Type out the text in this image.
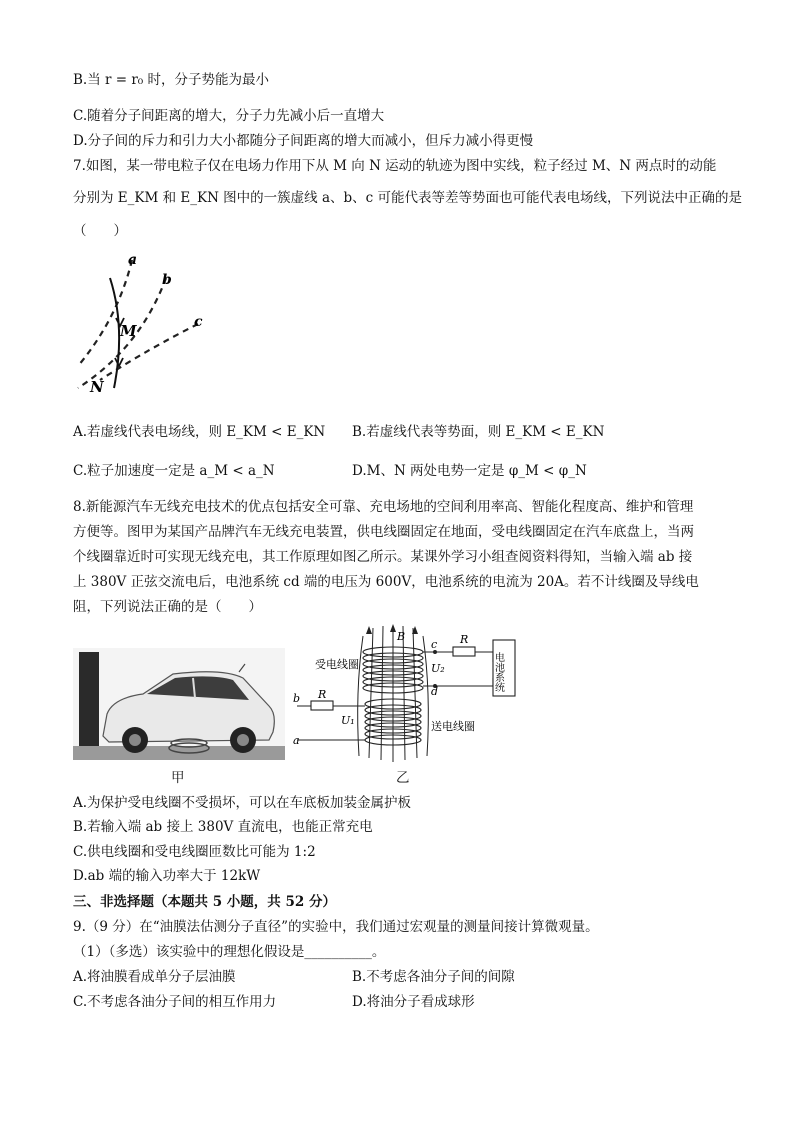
B.当 r = r₀ 时，分子势能为最小
C.随着分子间距离的增大，分子力先减小后一直增大
D.分子间的斥力和引力大小都随分子间距离的增大而减小，但斥力减小得更慢
7.如图，某一带电粒子仅在电场力作用下从 M 向 N 运动的轨迹为图中实线，粒子经过 M、N 两点时的动能
分别为 E_KM 和 E_KN 图中的一簇虚线 a、b、c 可能代表等差等势面也可能代表电场线，下列说法中正确的是
（　　）
a
b
c
M
N
A.若虚线代表电场线，则 E_KM < E_KN B.若虚线代表等势面，则 E_KM < E_KN
C.粒子加速度一定是 a_M < a_N	D.M、N 两处电势一定是 φ_M < φ_N
8.新能源汽车无线充电技术的优点包括安全可靠、充电场地的空间利用率高、智能化程度高、维护和管理
方便等。图甲为某国产品牌汽车无线充电装置，供电线圈固定在地面，受电线圈固定在汽车底盘上，当两
个线圈靠近时可实现无线充电，其工作原理如图乙所示。某课外学习小组查阅资料得知，当输入端 ab 接
上 380V 正弦交流电后，电池系统 cd 端的电压为 600V，电池系统的电流为 20A。若不计线圈及导线电
阻，下列说法正确的是（　　）
甲
B
c
d
R
U₂	电池系统
受电线圈
b
a
R
U₁	送电线圈
乙
A.为保护受电线圈不受损坏，可以在车底板加装金属护板
B.若输入端 ab 接上 380V 直流电，也能正常充电
C.供电线圈和受电线圈匝数比可能为 1:2
D.ab 端的输入功率大于 12kW
三、非选择题（本题共 5 小题，共 52 分）
9.（9 分）在“油膜法估测分子直径”的实验中，我们通过宏观量的测量间接计算微观量。
（1）（多选）该实验中的理想化假设是__________。
A.将油膜看成单分子层油膜	B.不考虑各油分子间的间隙
C.不考虑各油分子间的相互作用力	D.将油分子看成球形
